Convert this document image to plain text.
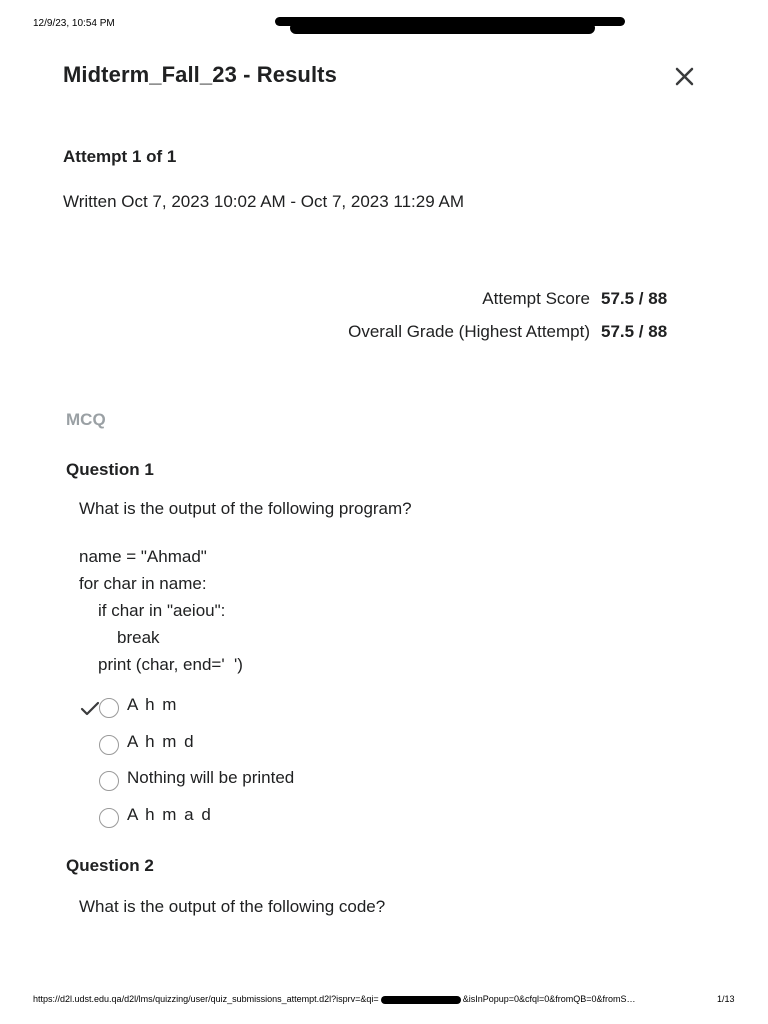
12/9/23, 10:54 PM
Midterm_Fall_23 - Results
Attempt 1 of 1
Written Oct 7, 2023 10:02 AM - Oct 7, 2023 11:29 AM
Attempt Score 57.5 / 88
Overall Grade (Highest Attempt) 57.5 / 88
MCQ
Question 1
What is the output of the following program?
name = "Ahmad"
for char in name:
if char in "aeiou":
break
print (char, end='  ')
A h m
A h m d
Nothing will be printed
A h m a d
Question 2
What is the output of the following code?
https://d2l.udst.edu.qa/d2l/lms/quizzing/user/quiz_submissions_attempt.d2l?isprv=&qi=	&isInPopup=0&cfql=0&fromQB=0&fromS…	1/13
